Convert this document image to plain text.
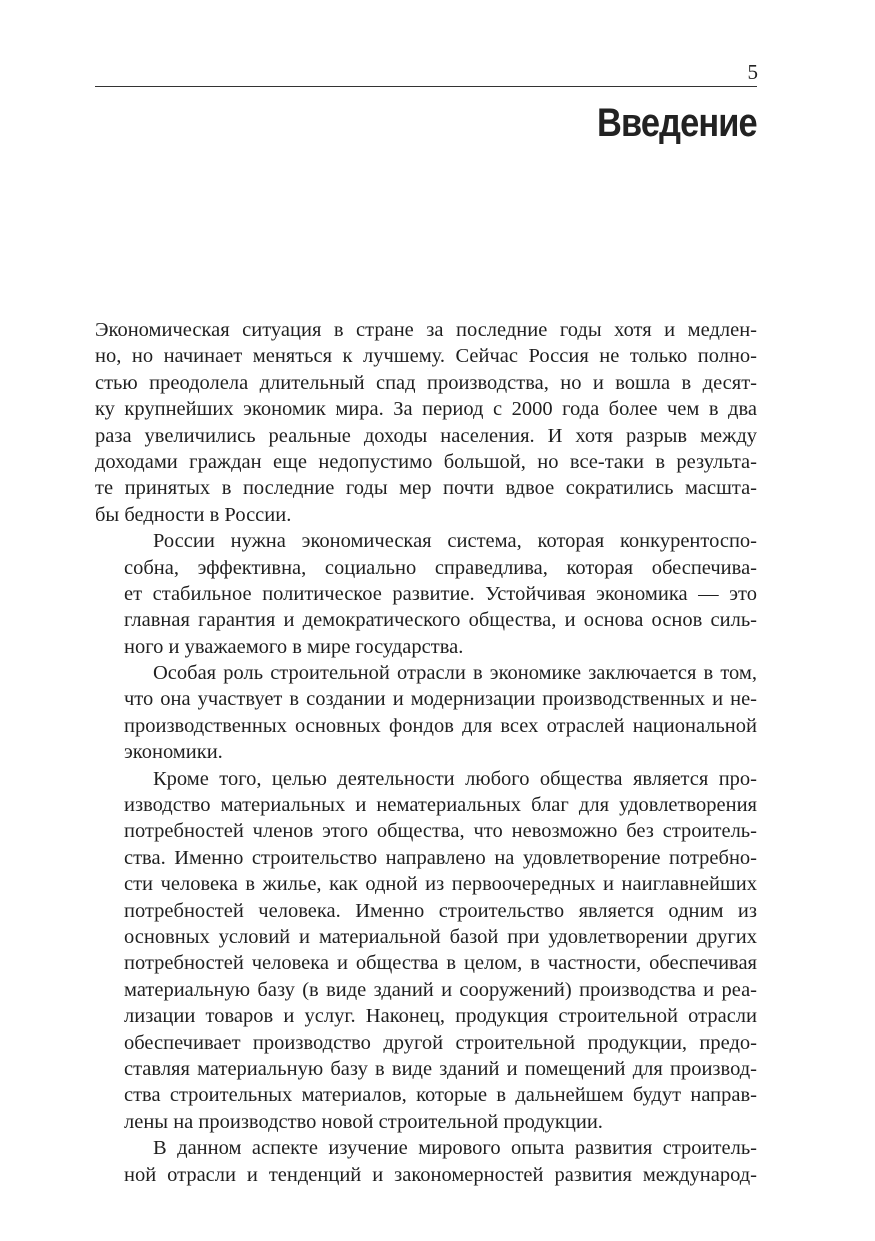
5
Введение
Экономическая ситуация в стране за последние годы хотя и медлен-
но, но начинает меняться к лучшему. Сейчас Россия не только полно-
стью преодолела длительный спад производства, но и вошла в десят-
ку крупнейших экономик мира. За период с 2000 года более чем в два
раза увеличились реальные доходы населения. И хотя разрыв между
доходами граждан еще недопустимо большой, но все-таки в результа-
те принятых в последние годы мер почти вдвое сократились масшта-
бы бедности в России.
России нужна экономическая система, которая конкурентоспо-
собна, эффективна, социально справедлива, которая обеспечива-
ет стабильное политическое развитие. Устойчивая экономика — это
главная гарантия и демократического общества, и основа основ силь-
ного и уважаемого в мире государства.
Особая роль строительной отрасли в экономике заключается в том,
что она участвует в создании и модернизации производственных и не-
производственных основных фондов для всех отраслей национальной
экономики.
Кроме того, целью деятельности любого общества является про-
изводство материальных и нематериальных благ для удовлетворения
потребностей членов этого общества, что невозможно без строитель-
ства. Именно строительство направлено на удовлетворение потребно-
сти человека в жилье, как одной из первоочередных и наиглавнейших
потребностей человека. Именно строительство является одним из
основных условий и материальной базой при удовлетворении других
потребностей человека и общества в целом, в частности, обеспечивая
материальную базу (в виде зданий и сооружений) производства и реа-
лизации товаров и услуг. Наконец, продукция строительной отрасли
обеспечивает производство другой строительной продукции, предо-
ставляя материальную базу в виде зданий и помещений для производ-
ства строительных материалов, которые в дальнейшем будут направ-
лены на производство новой строительной продукции.
В данном аспекте изучение мирового опыта развития строитель-
ной отрасли и тенденций и закономерностей развития международ-
